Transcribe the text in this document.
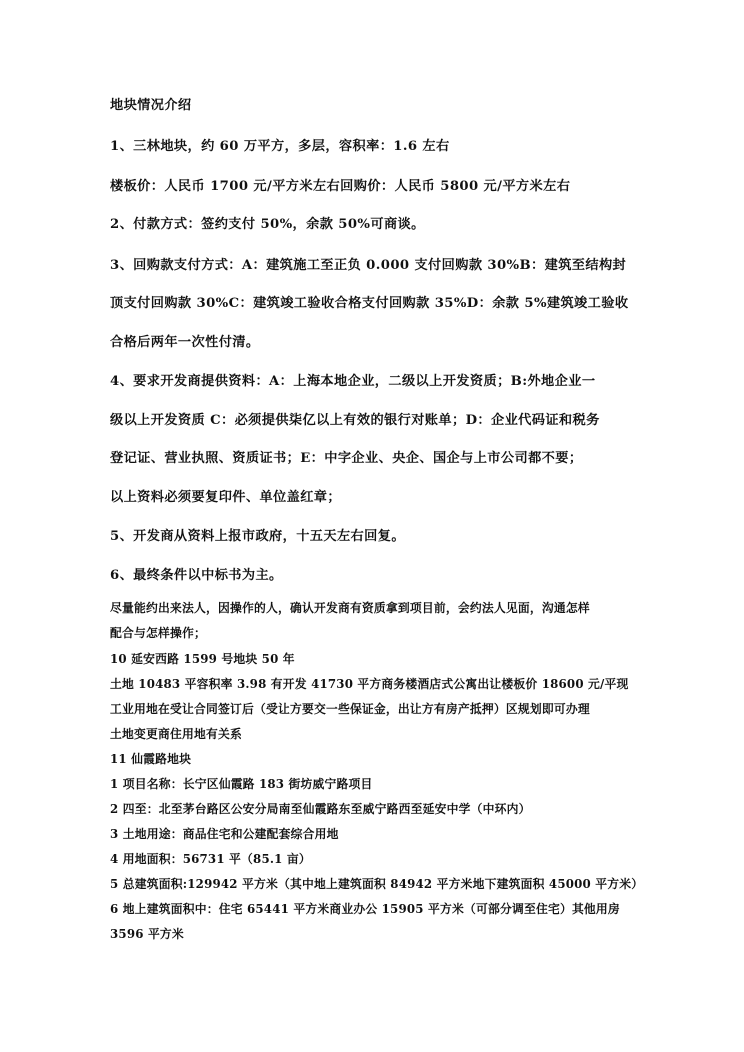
地块情况介绍
1、三林地块，约 60 万平方，多层，容积率：1.6 左右
楼板价：人民币 1700 元/平方米左右回购价：人民币 5800 元/平方米左右
2、付款方式：签约支付 50%，余款 50%可商谈。
3、回购款支付方式：A：建筑施工至正负 0.000 支付回购款 30%B：建筑至结构封
顶支付回购款 30%C：建筑竣工验收合格支付回购款 35%D：余款 5%建筑竣工验收
合格后两年一次性付清。
4、要求开发商提供资料：A：上海本地企业，二级以上开发资质；B:外地企业一
级以上开发资质 C：必须提供柒亿以上有效的银行对账单；D：企业代码证和税务
登记证、营业执照、资质证书；E：中字企业、央企、国企与上市公司都不要；
以上资料必须要复印件、单位盖红章；
5、开发商从资料上报市政府，十五天左右回复。
6、最终条件以中标书为主。
尽量能约出来法人，因操作的人，确认开发商有资质拿到项目前，会约法人见面，沟通怎样
配合与怎样操作；
10 延安西路 1599 号地块 50 年
土地 10483 平容积率 3.98 有开发 41730 平方商务楼酒店式公寓出让楼板价 18600 元/平现
工业用地在受让合同签订后（受让方要交一些保证金，出让方有房产抵押）区规划即可办理
土地变更商住用地有关系
11 仙霞路地块
1 项目名称：长宁区仙霞路 183 街坊威宁路项目
2 四至：北至茅台路区公安分局南至仙霞路东至威宁路西至延安中学（中环内）
3 土地用途：商品住宅和公建配套综合用地
4 用地面积：56731 平（85.1 亩）
5 总建筑面积:129942 平方米（其中地上建筑面积 84942 平方米地下建筑面积 45000 平方米）
6 地上建筑面积中：住宅 65441 平方米商业办公 15905 平方米（可部分调至住宅）其他用房
3596 平方米
